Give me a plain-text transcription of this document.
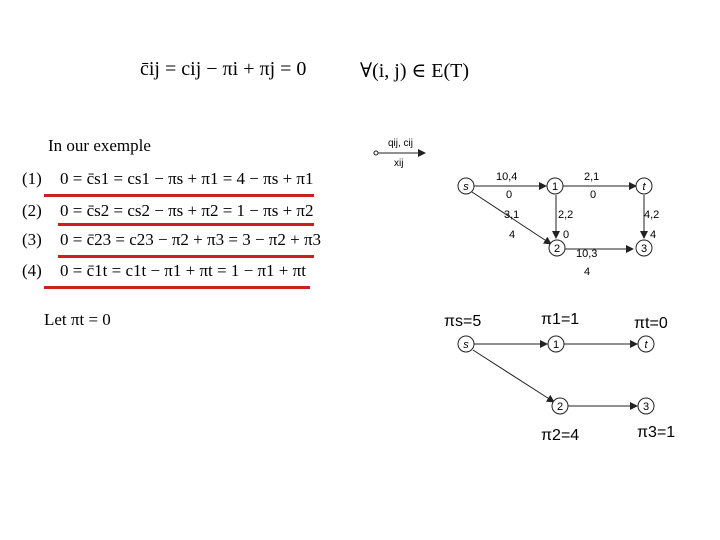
c̄ij = cij − πi + πj = 0	∀(i, j) ∈ E(T)
In our exemple
(1) 0 = c̄s1 = cs1 − πs + π1 = 4 − πs + π1
(2) 0 = c̄s2 = cs2 − πs + π2 = 1 − πs + π2
(3) 0 = c̄23 = c23 − π2 + π3 = 3 − π2 + π3
(4) 0 = c̄1t = c1t − π1 + πt = 1 − π1 + πt
Let πt = 0
qij, cij
xij
s	1	t
2	3
10,4
0
2,1
0
3,1
4
2,2
0
4,2
4
10,3
4
s	1	t
2	3
πs=5	π1=1	πt=0
π2=4	π3=1
